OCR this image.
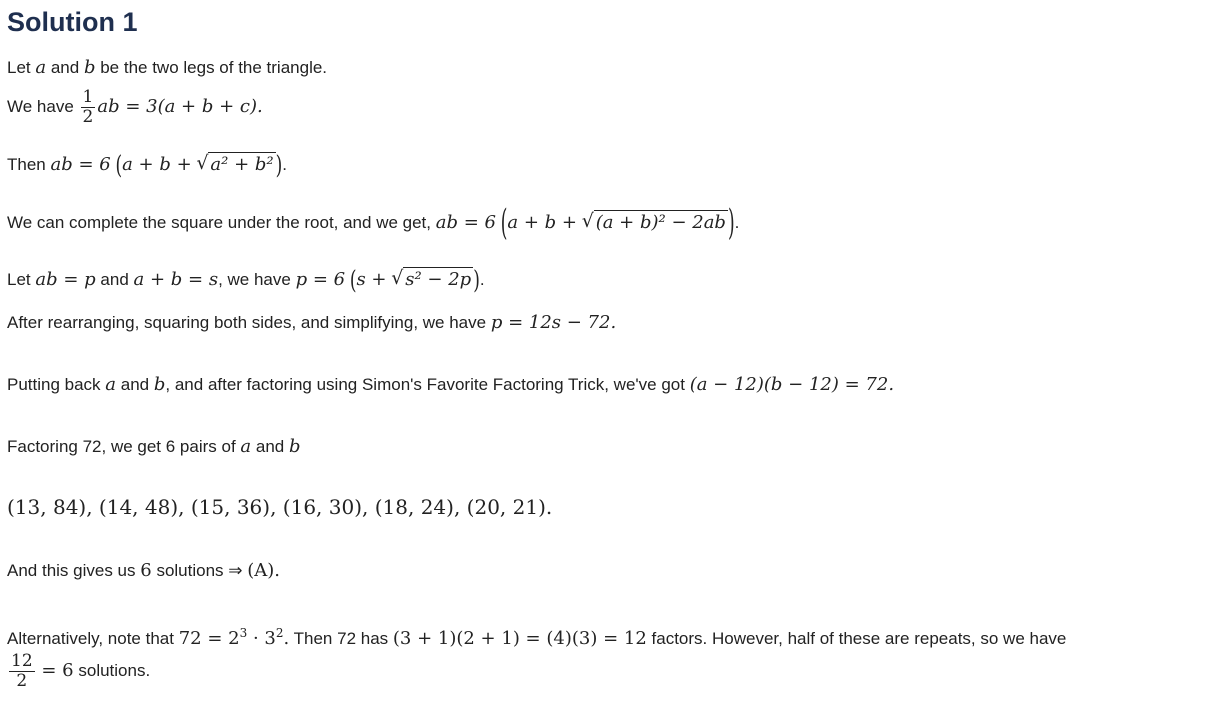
Solution 1
Let a and b be the two legs of the triangle.
We have $\frac{1}{2}$ ab = 3(a + b + c).
Then ab = 6 (a + b + √ a² + b² ).
We can complete the square under the root, and we get, ab = 6 (a + b + √ (a + b)² − 2ab ).
Let ab = p and a + b = s, we have p = 6 (s + √ s² − 2p ).
After rearranging, squaring both sides, and simplifying, we have p = 12s − 72.
Putting back a and b, and after factoring using Simon's Favorite Factoring Trick, we've got (a − 12)(b − 12) = 72.
Factoring 72, we get 6 pairs of a and b
(13, 84), (14, 48), (15, 36), (16, 30), (18, 24), (20, 21).
And this gives us 6 solutions ⇒ (A).
Alternatively, note that $72 = 2^3 \cdot 3^2$. Then 72 has (3 + 1)(2 + 1) = (4)(3) = 12 factors. However, half of these are repeats, so we have
$\frac{12}{2} = 6$ solutions.
